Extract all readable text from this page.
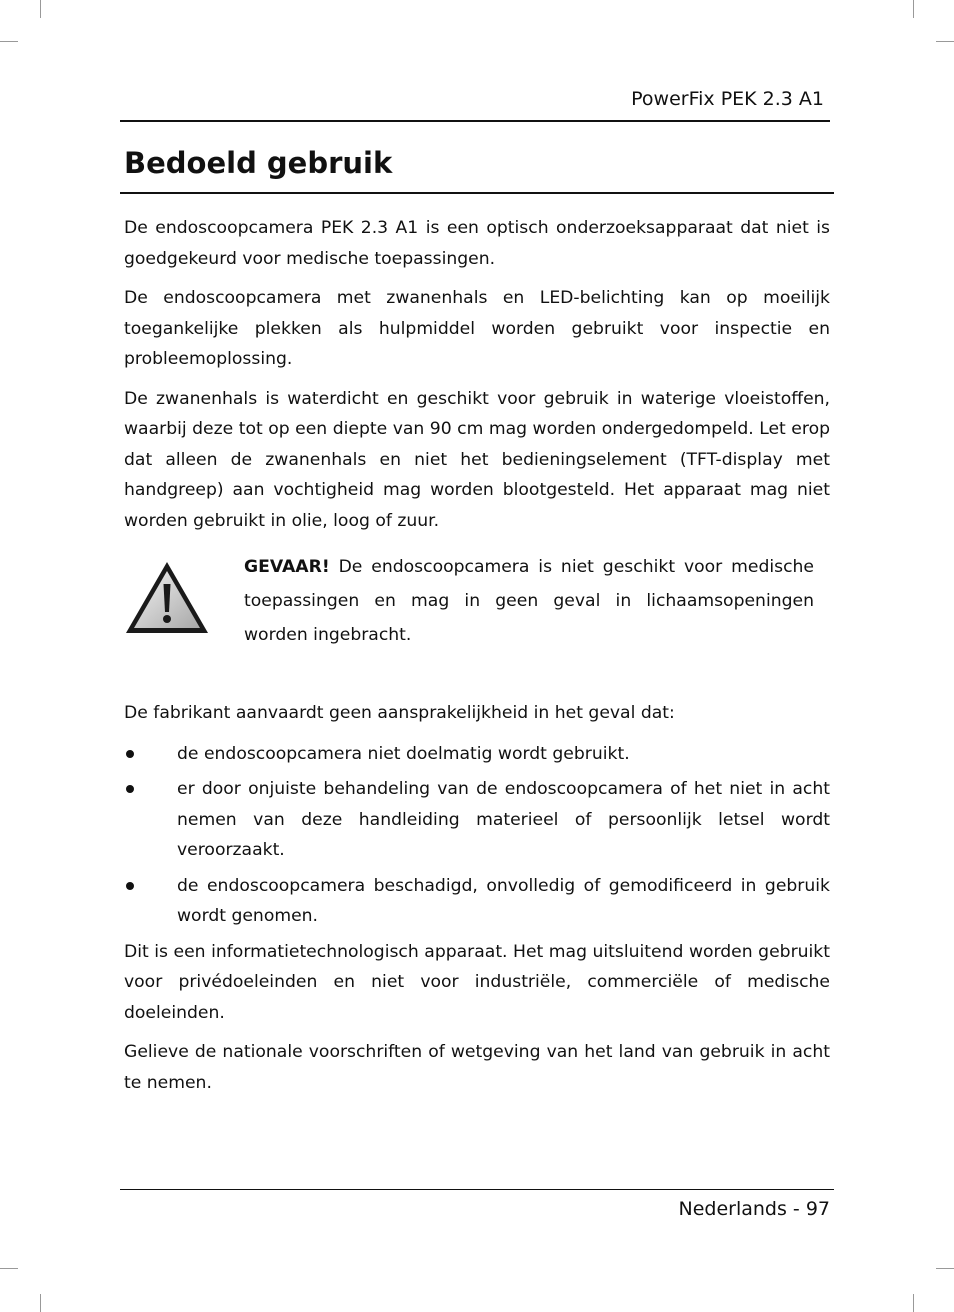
PowerFix PEK 2.3 A1
Bedoeld gebruik

De endoscoopcamera PEK 2.3 A1 is een optisch onderzoeksapparaat dat niet is goedgekeurd voor medische toepassingen.

De endoscoopcamera met zwanenhals en LED-belichting kan op moeilijk toegankelijke plekken als hulpmiddel worden gebruikt voor inspectie en probleemoplossing.

De zwanenhals is waterdicht en geschikt voor gebruik in waterige vloeistoffen, waarbij deze tot op een diepte van 90 cm mag worden ondergedompeld. Let erop dat alleen de zwanenhals en niet het bedieningselement (TFT-display met handgreep) aan vochtigheid mag worden blootgesteld. Het apparaat mag niet worden gebruikt in olie, loog of zuur.

GEVAAR! De endoscoopcamera is niet geschikt voor medische toepassingen en mag in geen geval in lichaamsopeningen worden ingebracht.

De fabrikant aanvaardt geen aansprakelijkheid in het geval dat:

de endoscoopcamera niet doelmatig wordt gebruikt.
er door onjuiste behandeling van de endoscoopcamera of het niet in acht nemen van deze handleiding materieel of persoonlijk letsel wordt veroorzaakt.
de endoscoopcamera beschadigd, onvolledig of gemodificeerd in gebruik wordt genomen.

Dit is een informatietechnologisch apparaat. Het mag uitsluitend worden gebruikt voor privédoeleinden en niet voor industriële, commerciële of medische doeleinden.

Gelieve de nationale voorschriften of wetgeving van het land van gebruik in acht te nemen.

Nederlands - 97
